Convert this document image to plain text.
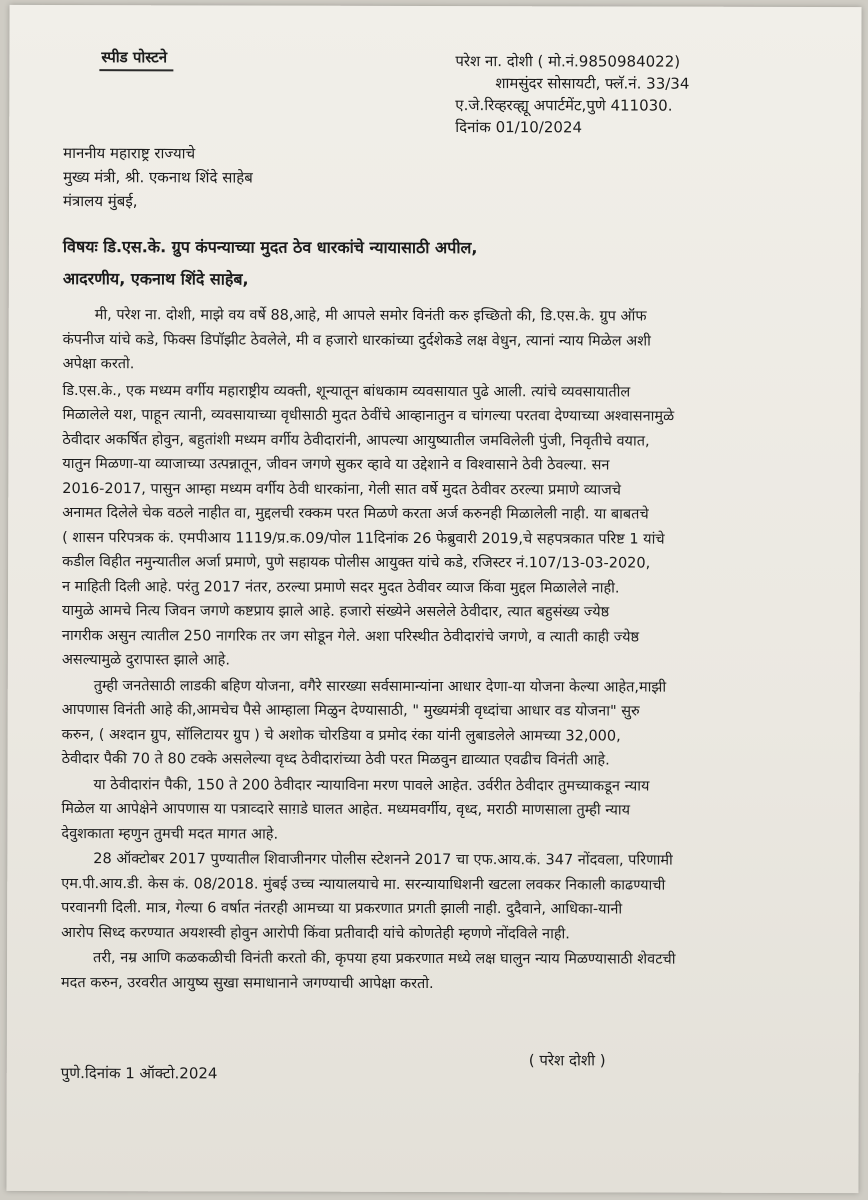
स्पीड पोस्टने	परेश ना. दोशी ( मो.नं.9850984022)
शामसुंदर सोसायटी, फ्लॅ.नं. 33/34
ए.जे.रिव्हरव्ह्यू अपार्टमेंट,पुणे 411030.
दिनांक 01/10/2024
माननीय महाराष्ट्र राज्याचे
मुख्य मंत्री, श्री. एकनाथ शिंदे साहेब
मंत्रालय मुंबई,
विषयः डि.एस.के. ग्रुप कंपन्याच्या मुदत ठेव धारकांचे न्यायासाठी अपील,
आदरणीय, एकनाथ शिंदे साहेब,

मी, परेश ना. दोशी, माझे वय वर्षे 88,आहे, मी आपले समोर विनंती करु इच्छितो की, डि.एस.के. ग्रुप ऑफ
कंपनीज यांचे कडे, फिक्स डिपॉझीट ठेवलेले, मी व हजारो धारकांच्या दुर्दशेकडे लक्ष वेधुन, त्यानां न्याय मिळेल अशी
अपेक्षा करतो.

डि.एस.के., एक मध्यम वर्गीय महाराष्ट्रीय व्यक्ती, शून्यातून बांधकाम व्यवसायात पुढे आली. त्यांचे व्यवसायातील
मिळालेले यश, पाहून त्यानी, व्यवसायाच्या वृधीसाठी मुदत ठेवींचे आव्हानातुन व चांगल्या परतवा देण्याच्या अश्वासनामुळे
ठेवीदार अकर्षित होवुन, बहुतांशी मध्यम वर्गीय ठेवीदारांनी, आपल्या आयुष्यातील जमविलेली पुंजी, निवृतीचे वयात,
यातुन मिळणा-या व्याजाच्या उत्पन्नातून, जीवन जगणे सुकर व्हावे या उद्देशाने व विश्वासाने ठेवी ठेवल्या. सन
2016-2017, पासुन आम्हा मध्यम वर्गीय ठेवी धारकांना, गेली सात वर्षे मुदत ठेवीवर ठरल्या प्रमाणे व्याजचे
अनामत दिलेले चेक वठले नाहीत वा, मुद्दलची रक्कम परत मिळणे करता अर्ज करुनही मिळालेली नाही. या बाबतचे
( शासन परिपत्रक कं. एमपीआय 1119/प्र.क.09/पोल 11दिनांक 26 फेब्रुवारी 2019,चे सहपत्रकात परिष्ट 1 यांचे
कडील विहीत नमुन्यातील अर्जा प्रमाणे, पुणे सहायक पोलीस आयुक्त यांचे कडे, रजिस्टर नं.107/13-03-2020,
न माहिती दिली आहे. परंतु 2017 नंतर, ठरल्या प्रमाणे सदर मुदत ठेवीवर व्याज किंवा मुद्दल मिळालेले नाही.
यामुळे आमचे नित्य जिवन जगणे कष्टप्राय झाले आहे. हजारो संख्येने असलेले ठेवीदार, त्यात बहुसंख्य ज्येष्ठ
नागरीक असुन त्यातील 250 नागरिक तर जग सोडून गेले. अशा परिस्थीत ठेवीदारांचे जगणे, व त्याती काही ज्येष्ठ
असल्यामुळे दुरापास्त झाले आहे.

तुम्ही जनतेसाठी लाडकी बहिण योजना, वगैरे सारख्या सर्वसामान्यांना आधार देणा-या योजना केल्या आहेत,माझी
आपणास विनंती आहे की,आमचेच पैसे आम्हाला मिळुन देण्यासाठी, " मुख्यमंत्री वृध्दांचा आधार वड योजना" सुरु
करुन, ( अश्दान ग्रुप, सॉलिटायर ग्रुप ) चे अशोक चोरडिया व प्रमोद रंका यांनी लुबाडलेले आमच्या 32,000,
ठेवीदार पैकी 70 ते 80 टक्के असलेल्या वृध्द ठेवीदारांच्या ठेवी परत मिळवुन द्याव्यात एवढीच विनंती आहे.

या ठेवीदारांन पैकी, 150 ते 200 ठेवीदार न्यायाविना मरण पावले आहेत. उर्वरीत ठेवीदार तुमच्याकडून न्याय
मिळेल या आपेक्षेने आपणास या पत्राव्दारे साग़डे घालत आहेत. मध्यमवर्गीय, वृध्द, मराठी माणसाला तुम्ही न्याय
देवुशकाता म्हणुन तुमची मदत मागत आहे.

28 ऑक्टोबर 2017 पुण्यातील शिवाजीनगर पोलीस स्टेशनने 2017 चा एफ.आय.कं. 347 नोंदवला, परिणामी
एम.पी.आय.डी. केस कं. 08/2018. मुंबई उच्च न्यायालयाचे मा. सरन्यायाधिशनी खटला लवकर निकाली काढण्याची
परवानगी दिली. मात्र, गेल्या 6 वर्षात नंतरही आमच्या या प्रकरणात प्रगती झाली नाही. दुदैवाने, आधिका-यानी
आरोप सिध्द करण्यात अयशस्वी होवुन आरोपी किंवा प्रतीवादी यांचे कोणतेही म्हणणे नोंदविले नाही.

तरी, नम्र आणि कळकळीची विनंती करतो की, कृपया हया प्रकरणात मध्ये लक्ष घालुन न्याय मिळण्यासाठी शेवटची
मदत करुन, उरवरीत आयुष्य सुखा समाधानाने जगण्याची आपेक्षा करतो.

पुणे.दिनांक 1 ऑक्टो.2024
( परेश दोशी )
